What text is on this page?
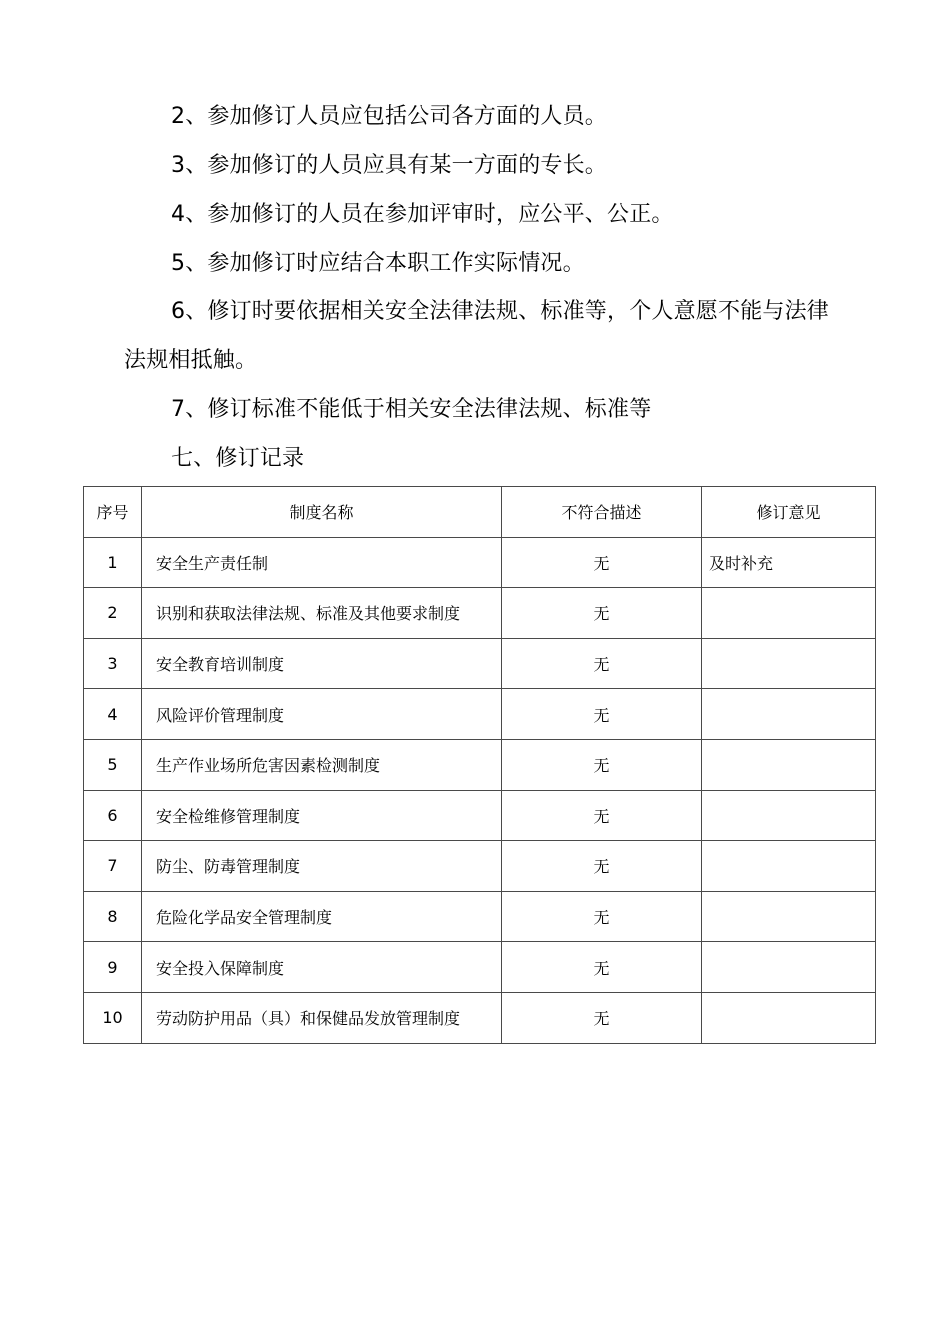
2、参加修订人员应包括公司各方面的人员。
3、参加修订的人员应具有某一方面的专长。
4、参加修订的人员在参加评审时，应公平、公正。
5、参加修订时应结合本职工作实际情况。
6、修订时要依据相关安全法律法规、标准等，个人意愿不能与法律
法规相抵触。
7、修订标准不能低于相关安全法律法规、标准等
七、修订记录
序号	制度名称	不符合描述	修订意见
1	安全生产责任制	无	及时补充
2	识别和获取法律法规、标准及其他要求制度	无	
3	安全教育培训制度	无	
4	风险评价管理制度	无	
5	生产作业场所危害因素检测制度	无	
6	安全检维修管理制度	无	
7	防尘、防毒管理制度	无	
8	危险化学品安全管理制度	无	
9	安全投入保障制度	无	
10	劳动防护用品（具）和保健品发放管理制度	无	
